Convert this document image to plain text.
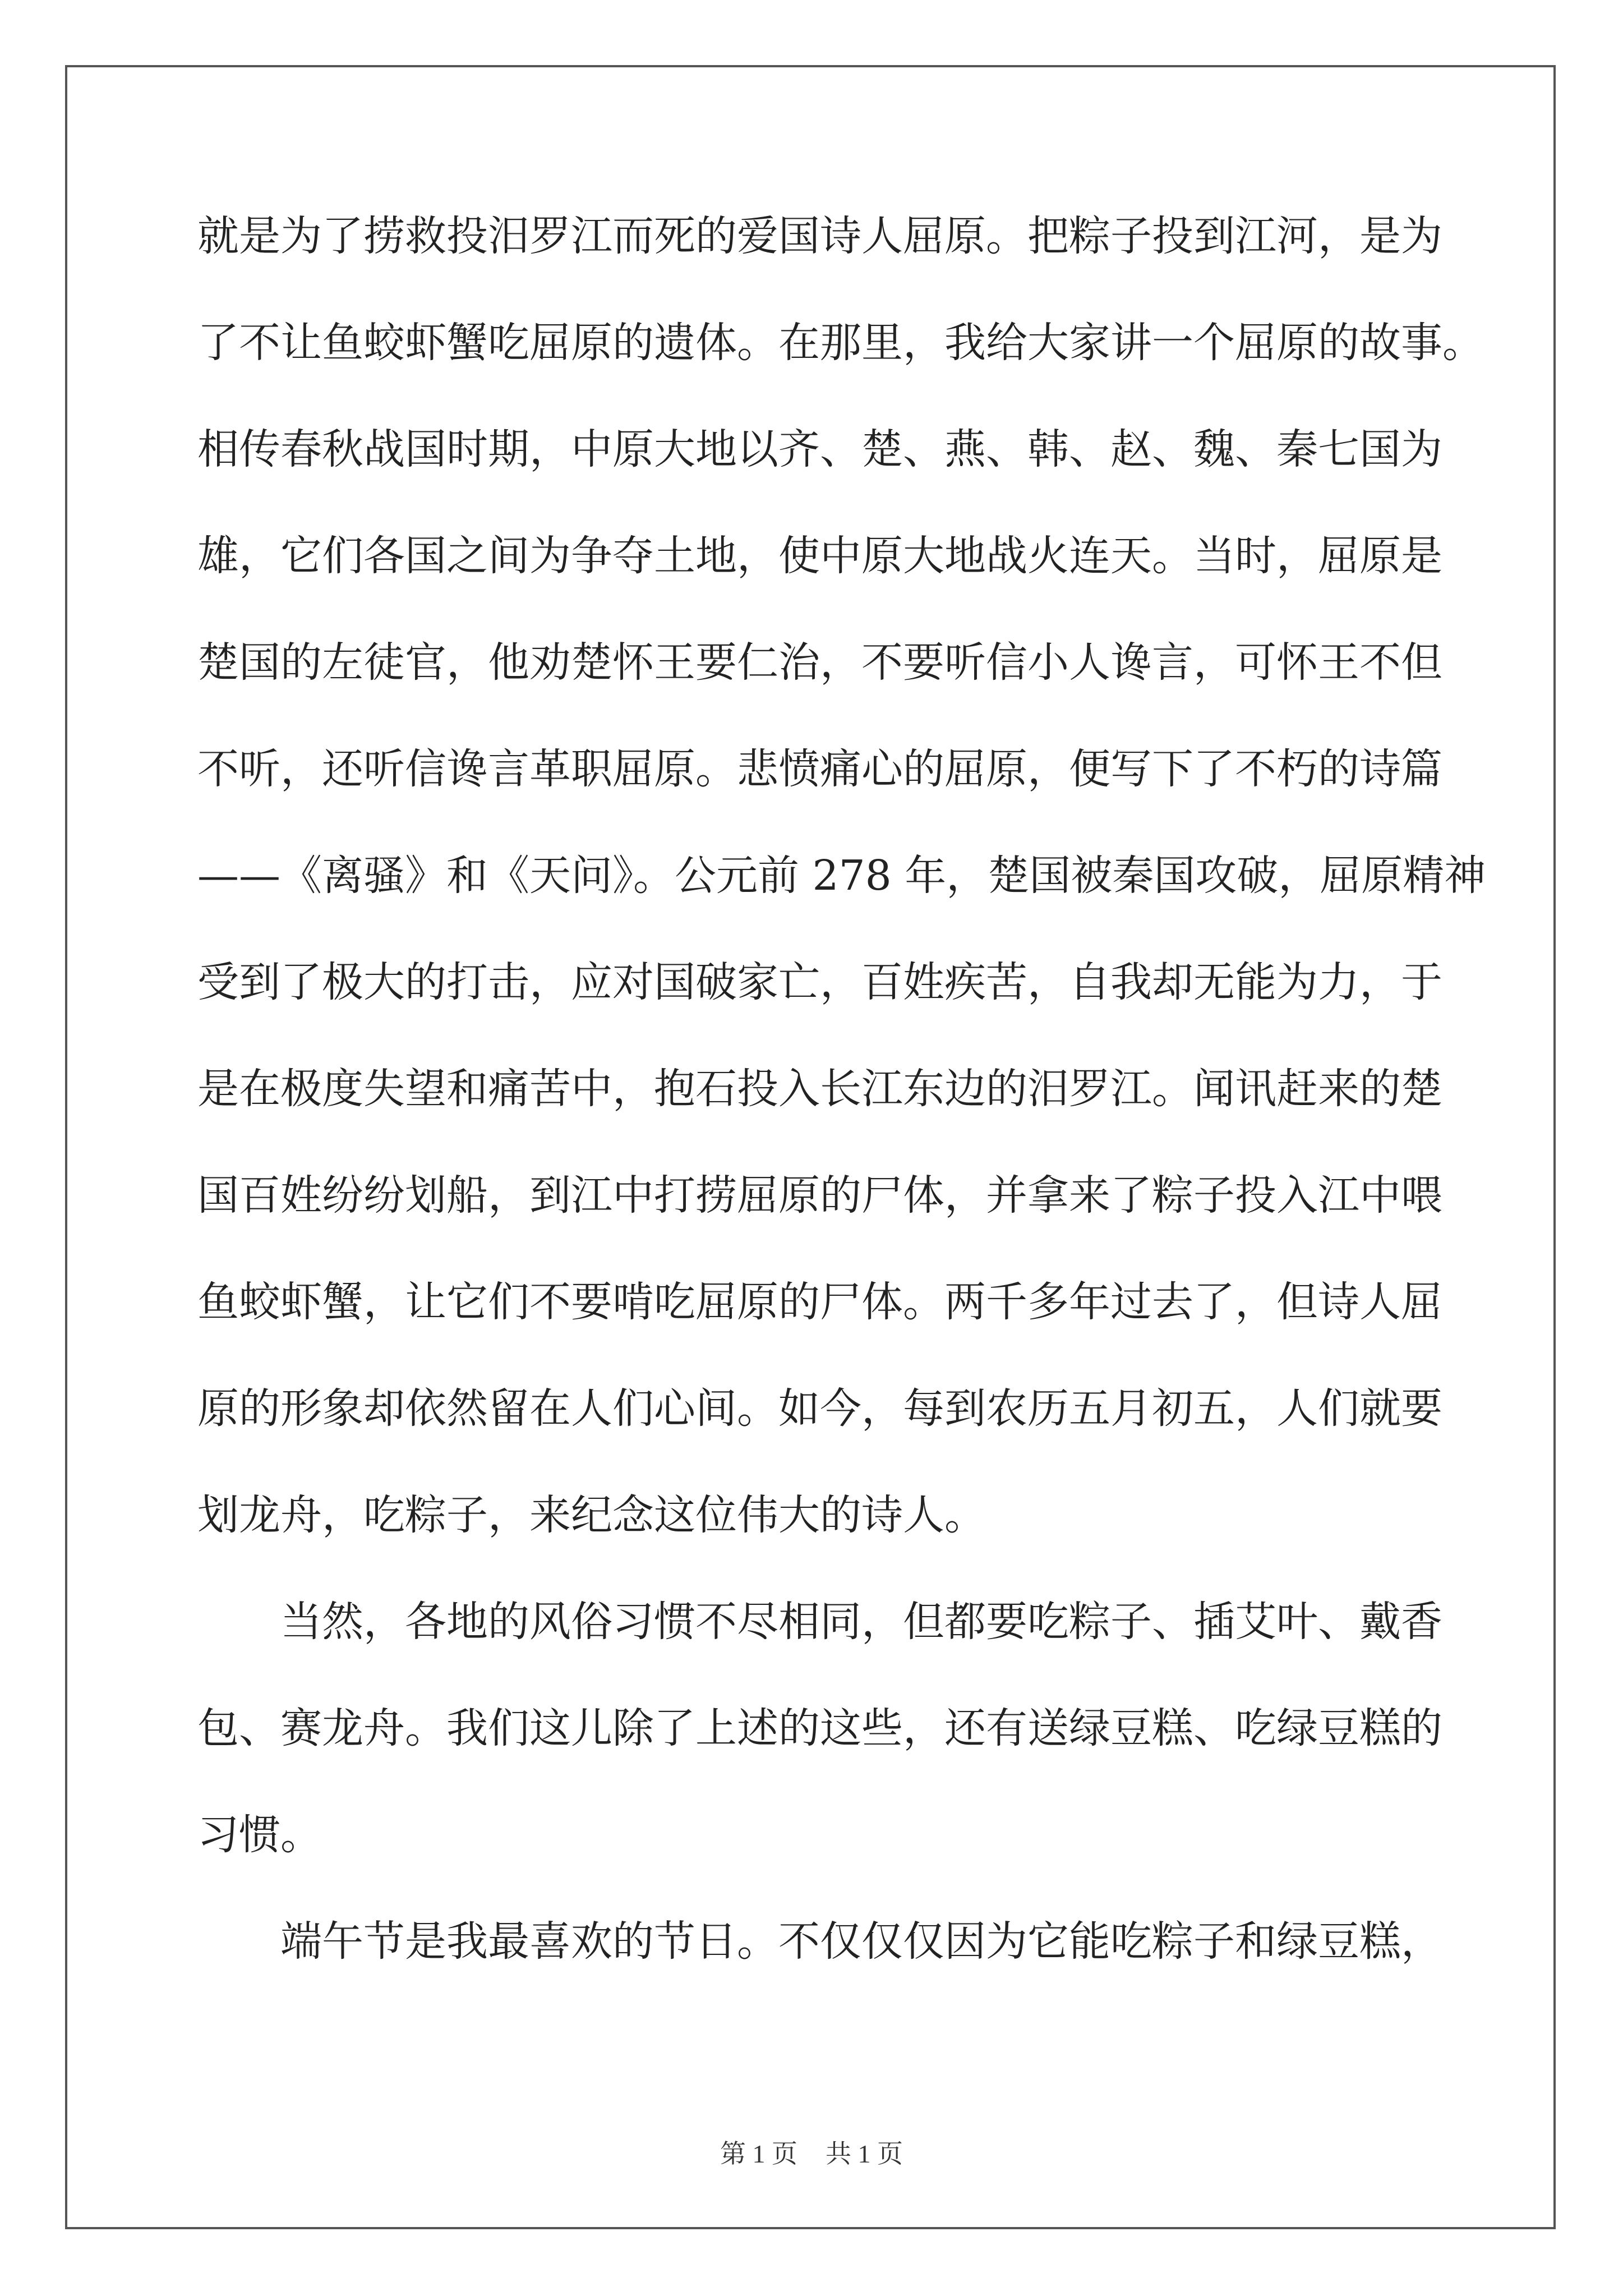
就是为了捞救投汨罗江而死的爱国诗人屈原。把粽子投到江河，是为
了不让鱼蛟虾蟹吃屈原的遗体。在那里，我给大家讲一个屈原的故事。
相传春秋战国时期，中原大地以齐、楚、燕、韩、赵、魏、秦七国为
雄，它们各国之间为争夺土地，使中原大地战火连天。当时，屈原是
楚国的左徒官，他劝楚怀王要仁治，不要听信小人谗言，可怀王不但
不听，还听信谗言革职屈原。悲愤痛心的屈原，便写下了不朽的诗篇
——《离骚》和《天问》。公元前 278 年，楚国被秦国攻破，屈原精神
受到了极大的打击，应对国破家亡，百姓疾苦，自我却无能为力，于
是在极度失望和痛苦中，抱石投入长江东边的汨罗江。闻讯赶来的楚
国百姓纷纷划船，到江中打捞屈原的尸体，并拿来了粽子投入江中喂
鱼蛟虾蟹，让它们不要啃吃屈原的尸体。两千多年过去了，但诗人屈
原的形象却依然留在人们心间。如今，每到农历五月初五，人们就要
划龙舟，吃粽子，来纪念这位伟大的诗人。
　　当然，各地的风俗习惯不尽相同，但都要吃粽子、插艾叶、戴香
包、赛龙舟。我们这儿除了上述的这些，还有送绿豆糕、吃绿豆糕的
习惯。
　　端午节是我最喜欢的节日。不仅仅仅因为它能吃粽子和绿豆糕，
第 1 页 共 1 页
